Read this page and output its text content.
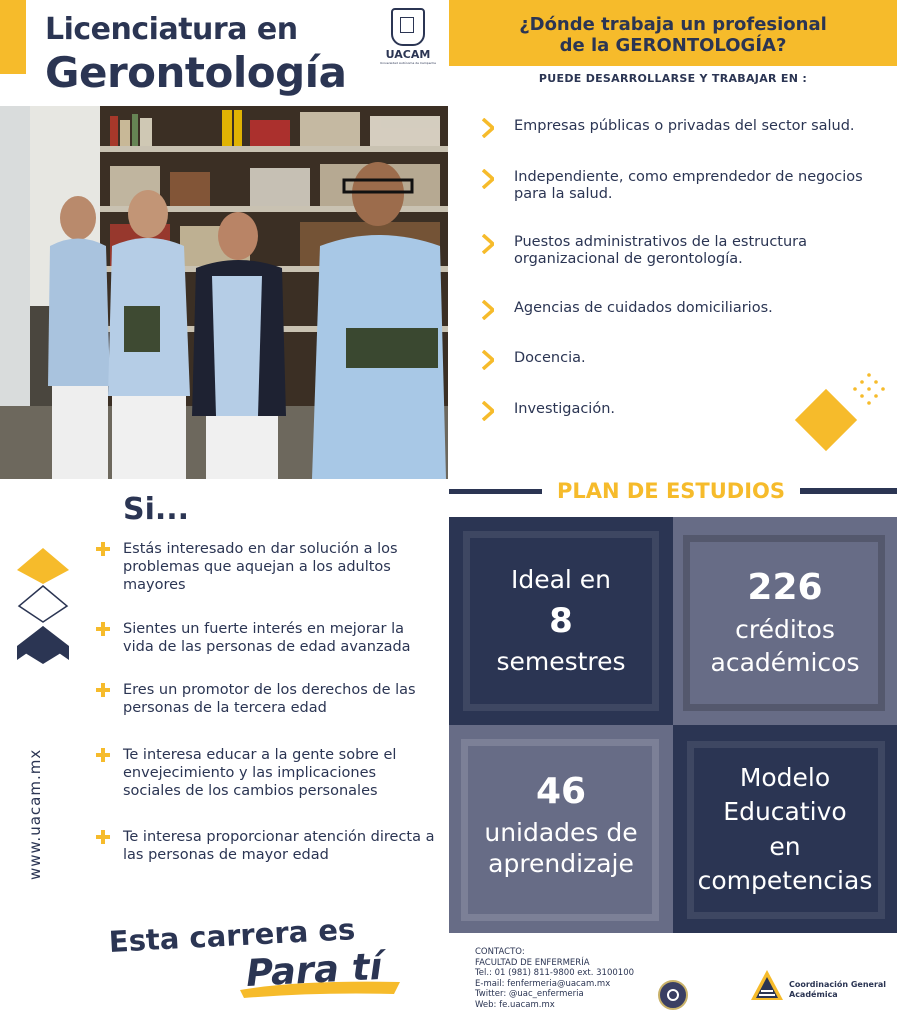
Licenciatura en
Gerontología	UACAM
Universidad Autónoma de Campeche
¿Dónde trabaja un profesional
de la GERONTOLOGÍA?
PUEDE DESARROLLARSE Y TRABAJAR EN :
Empresas públicas o privadas del sector salud.
Independiente, como emprendedor de negocios para la salud.
Puestos administrativos de la estructura organizacional de gerontología.
Agencias de cuidados domiciliarios.
Docencia.
Investigación.
PLAN DE ESTUDIOS
Ideal en
8
semestres
226
créditos
académicos
46
unidades de
aprendizaje
Modelo
Educativo
en
competencias
Si...
Estás interesado en dar solución a los problemas que aquejan a los adultos mayores
Sientes un fuerte interés en mejorar la vida de las personas de edad avanzada
Eres un promotor de los derechos de las personas de la tercera edad
Te interesa educar a la gente sobre el envejecimiento y las implicaciones sociales de los cambios personales
Te interesa proporcionar atención directa a las personas de mayor edad
www.uacam.mx
Esta carrera es
Para tí	CONTACTO:
FACULTAD DE ENFERMERÍA
Tel.: 01 (981) 811-9800 ext. 3100100
E-mail: fenfermeria@uacam.mx
Twitter: @uac_enfermeria
Web: fe.uacam.mx
Coordinación General
Académica
